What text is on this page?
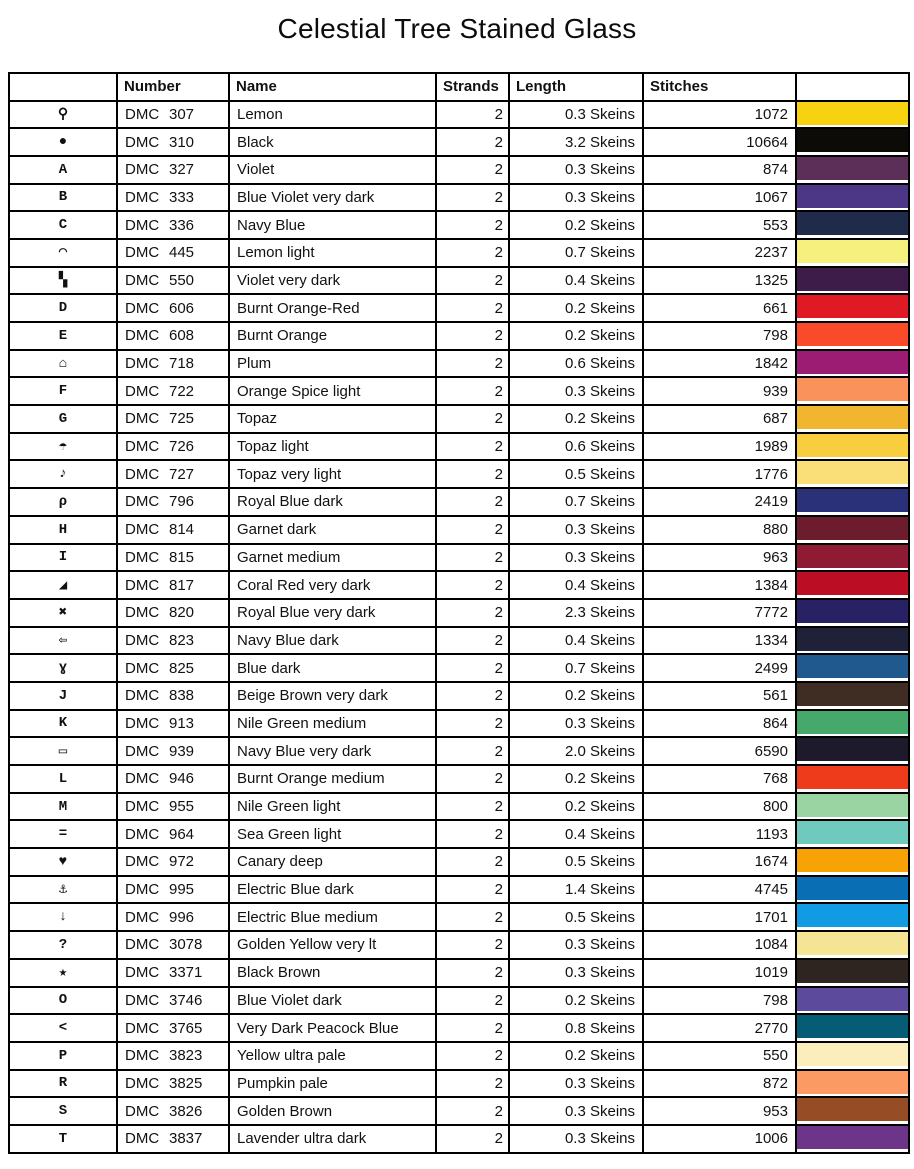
Celestial Tree Stained Glass
	Number	Name	Strands	Length	Stitches	
⚲	DMC 307	Lemon	2	0.3 Skeins	1072	

●	DMC 310	Black	2	3.2 Skeins	10664	

A	DMC 327	Violet	2	0.3 Skeins	874	

B	DMC 333	Blue Violet very dark	2	0.3 Skeins	1067	

C	DMC 336	Navy Blue	2	0.2 Skeins	553	

◠	DMC 445	Lemon light	2	0.7 Skeins	2237	

▚	DMC 550	Violet very dark	2	0.4 Skeins	1325	

D	DMC 606	Burnt Orange-Red	2	0.2 Skeins	661	

E	DMC 608	Burnt Orange	2	0.2 Skeins	798	

⌂	DMC 718	Plum	2	0.6 Skeins	1842	

F	DMC 722	Orange Spice light	2	0.3 Skeins	939	

G	DMC 725	Topaz	2	0.2 Skeins	687	

☂	DMC 726	Topaz light	2	0.6 Skeins	1989	

♪	DMC 727	Topaz very light	2	0.5 Skeins	1776	

ρ	DMC 796	Royal Blue dark	2	0.7 Skeins	2419	

H	DMC 814	Garnet dark	2	0.3 Skeins	880	

I	DMC 815	Garnet medium	2	0.3 Skeins	963	

◢	DMC 817	Coral Red very dark	2	0.4 Skeins	1384	

✖	DMC 820	Royal Blue very dark	2	2.3 Skeins	7772	

⇦	DMC 823	Navy Blue dark	2	0.4 Skeins	1334	

ɣ	DMC 825	Blue dark	2	0.7 Skeins	2499	

J	DMC 838	Beige Brown very dark	2	0.2 Skeins	561	

K	DMC 913	Nile Green medium	2	0.3 Skeins	864	

▭	DMC 939	Navy Blue very dark	2	2.0 Skeins	6590	

L	DMC 946	Burnt Orange medium	2	0.2 Skeins	768	

M	DMC 955	Nile Green light	2	0.2 Skeins	800	

=	DMC 964	Sea Green light	2	0.4 Skeins	1193	

♥	DMC 972	Canary deep	2	0.5 Skeins	1674	

⚓	DMC 995	Electric Blue dark	2	1.4 Skeins	4745	

↓	DMC 996	Electric Blue medium	2	0.5 Skeins	1701	

?	DMC 3078	Golden Yellow very lt	2	0.3 Skeins	1084	

★	DMC 3371	Black Brown	2	0.3 Skeins	1019	

O	DMC 3746	Blue Violet dark	2	0.2 Skeins	798	

<	DMC 3765	Very Dark Peacock Blue	2	0.8 Skeins	2770	

P	DMC 3823	Yellow ultra pale	2	0.2 Skeins	550	

R	DMC 3825	Pumpkin pale	2	0.3 Skeins	872	

S	DMC 3826	Golden Brown	2	0.3 Skeins	953	

T	DMC 3837	Lavender ultra dark	2	0.3 Skeins	1006	
